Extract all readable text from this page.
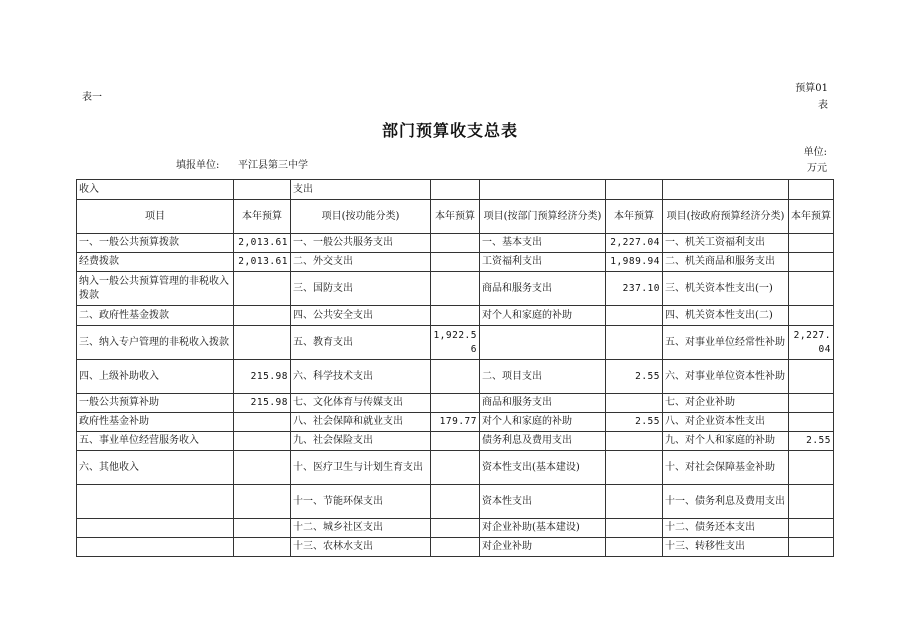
表一
预算01表
部门预算收支总表
填报单位: 平江县第三中学
单位:万元
收入		支出					
项目	本年预算	项目(按功能分类)	本年预算	项目(按部门预算经济分类)	本年预算	项目(按政府预算经济分类)	本年预算
一、一般公共预算拨款	2,013.61	一、一般公共服务支出		一、基本支出	2,227.04	一、机关工资福利支出	
经费拨款	2,013.61	二、外交支出		工资福利支出	1,989.94	二、机关商品和服务支出	
纳入一般公共预算管理的非税收入拨款		三、国防支出		商品和服务支出	237.10	三、机关资本性支出(一)	
二、政府性基金拨款		四、公共安全支出		对个人和家庭的补助		四、机关资本性支出(二)	
三、纳入专户管理的非税收入拨款		五、教育支出	1,922.56			五、对事业单位经常性补助	2,227.04
四、上级补助收入	215.98	六、科学技术支出		二、项目支出	2.55	六、对事业单位资本性补助	
一般公共预算补助	215.98	七、文化体育与传媒支出		商品和服务支出		七、对企业补助	
政府性基金补助		八、社会保障和就业支出	179.77	对个人和家庭的补助	2.55	八、对企业资本性支出	
五、事业单位经营服务收入		九、社会保险支出		债务利息及费用支出		九、对个人和家庭的补助	2.55
六、其他收入		十、医疗卫生与计划生育支出		资本性支出(基本建设)		十、对社会保障基金补助	
		十一、节能环保支出		资本性支出		十一、债务利息及费用支出	
		十二、城乡社区支出		对企业补助(基本建设)		十二、债务还本支出	
		十三、农林水支出		对企业补助		十三、转移性支出	
